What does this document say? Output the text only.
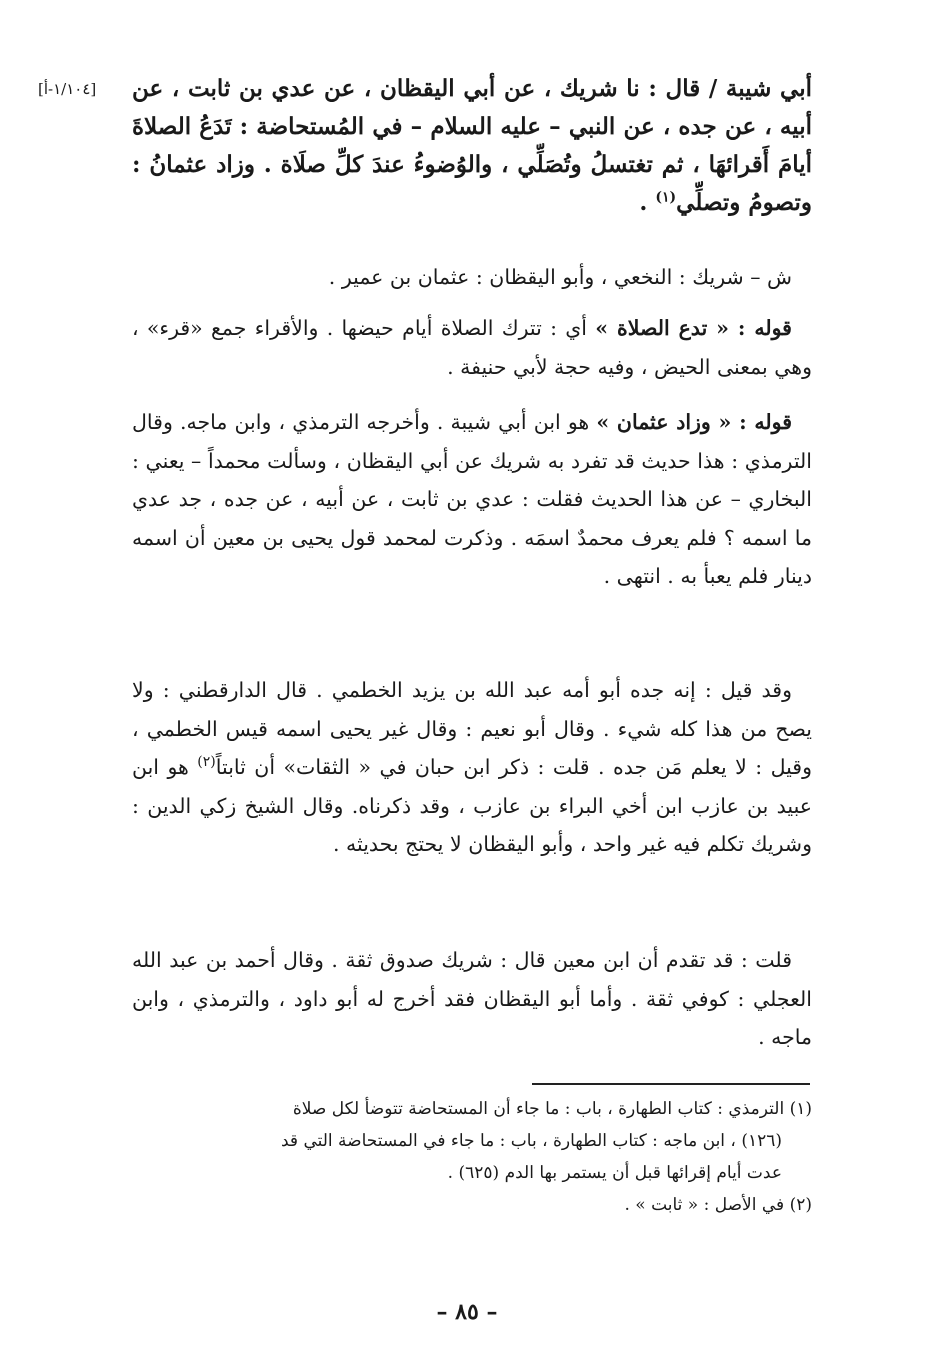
[١/١٠٤-أ] أبي شيبة / قال : نا شريك ، عن أبي اليقظان ، عن عدي بن ثابت ، عن أبيه ، عن جده ، عن النبي – عليه السلام – في المُستحاضة : تَدَعُ الصلاةَ أيامَ أَقرائهَا ، ثم تغتسلُ وتُصَلِّي ، والوُضوءُ عندَ كلِّ صلَاة . وزاد عثمانُ : وتصومُ وتصلِّي$^{(١)}$ .
ش – شريك : النخعي ، وأبو اليقظان : عثمان بن عمير .
قوله : « تدع الصلاة » أي : تترك الصلاة أيام حيضها . والأقراء جمع «قرء» ، وهي بمعنى الحيض ، وفيه حجة لأبي حنيفة .
قوله : « وزاد عثمان » هو ابن أبي شيبة . وأخرجه الترمذي ، وابن ماجه. وقال الترمذي : هذا حديث قد تفرد به شريك عن أبي اليقظان ، وسألت محمداً – يعني : البخاري – عن هذا الحديث فقلت : عدي بن ثابت ، عن أبيه ، عن جده ، جد عدي ما اسمه ؟ فلم يعرف محمدٌ اسمَه . وذكرت لمحمد قول يحيى بن معين أن اسمه دينار فلم يعبأ به . انتهى .
وقد قيل : إنه جده أبو أمه عبد الله بن يزيد الخطمي . قال الدارقطني : ولا يصح من هذا كله شيء . وقال أبو نعيم : وقال غير يحيى اسمه قيس الخطمي ، وقيل : لا يعلم مَن جده . قلت : ذكر ابن حبان في « الثقات» أن ثابتاً$^{(٢)}$ هو ابن عبيد بن عازب ابن أخي البراء بن عازب ، وقد ذكرناه. وقال الشيخ زكي الدين : وشريك تكلم فيه غير واحد ، وأبو اليقظان لا يحتج بحديثه .
قلت : قد تقدم أن ابن معين قال : شريك صدوق ثقة . وقال أحمد بن عبد الله العجلي : كوفي ثقة . وأما أبو اليقظان فقد أخرج له أبو داود ، والترمذي ، وابن ماجه .
(١) الترمذي : كتاب الطهارة ، باب : ما جاء أن المستحاضة تتوضأ لكل صلاة
(١٢٦) ، ابن ماجه : كتاب الطهارة ، باب : ما جاء في المستحاضة التي قد
عدت أيام إقرائها قبل أن يستمر بها الدم (٦٢٥) .
(٢) في الأصل : « ثابت » .
– ٨٥ –
